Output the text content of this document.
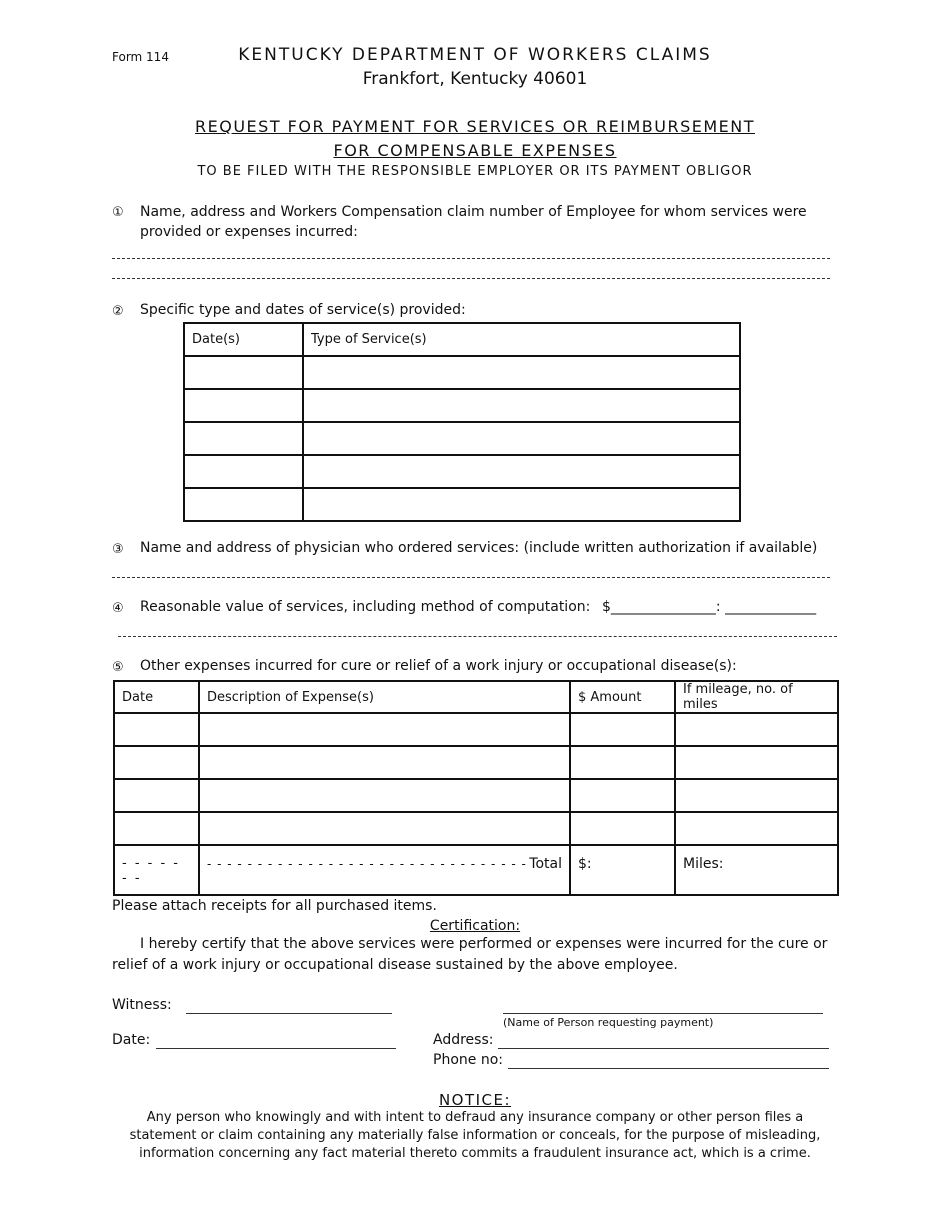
Form 114	KENTUCKY DEPARTMENT OF WORKERS CLAIMS
Frankfort, Kentucky 40601
REQUEST FOR PAYMENT FOR SERVICES OR REIMBURSEMENT
FOR COMPENSABLE EXPENSES
TO BE FILED WITH THE RESPONSIBLE EMPLOYER OR ITS PAYMENT OBLIGOR
① Name, address and Workers Compensation claim number of Employee for whom services were
provided or expenses incurred:
② Specific type and dates of service(s) provided:
Date(s)	Type of Service(s)

③ Name and address of physician who ordered services: (include written authorization if available)
④ Reasonable value of services, including method of computation: $_______________: _____________
⑤ Other expenses incurred for cure or relief of a work injury or occupational disease(s):
Date	Description of Expense(s)	$ Amount	If mileage, no. of miles

- - - - - - -	- - - - - - - - - - - - - - - - - - - - - - - - - - - - - - - - Total	$:	Miles:
Please attach receipts for all purchased items.
Certification:
I hereby certify that the above services were performed or expenses were incurred for the cure or
relief of a work injury or occupational disease sustained by the above employee.
Witness:
(Name of Person requesting payment)
Date:	Address:
Phone no:
NOTICE:
Any person who knowingly and with intent to defraud any insurance company or other person files a
statement or claim containing any materially false information or conceals, for the purpose of misleading,
information concerning any fact material thereto commits a fraudulent insurance act, which is a crime.
